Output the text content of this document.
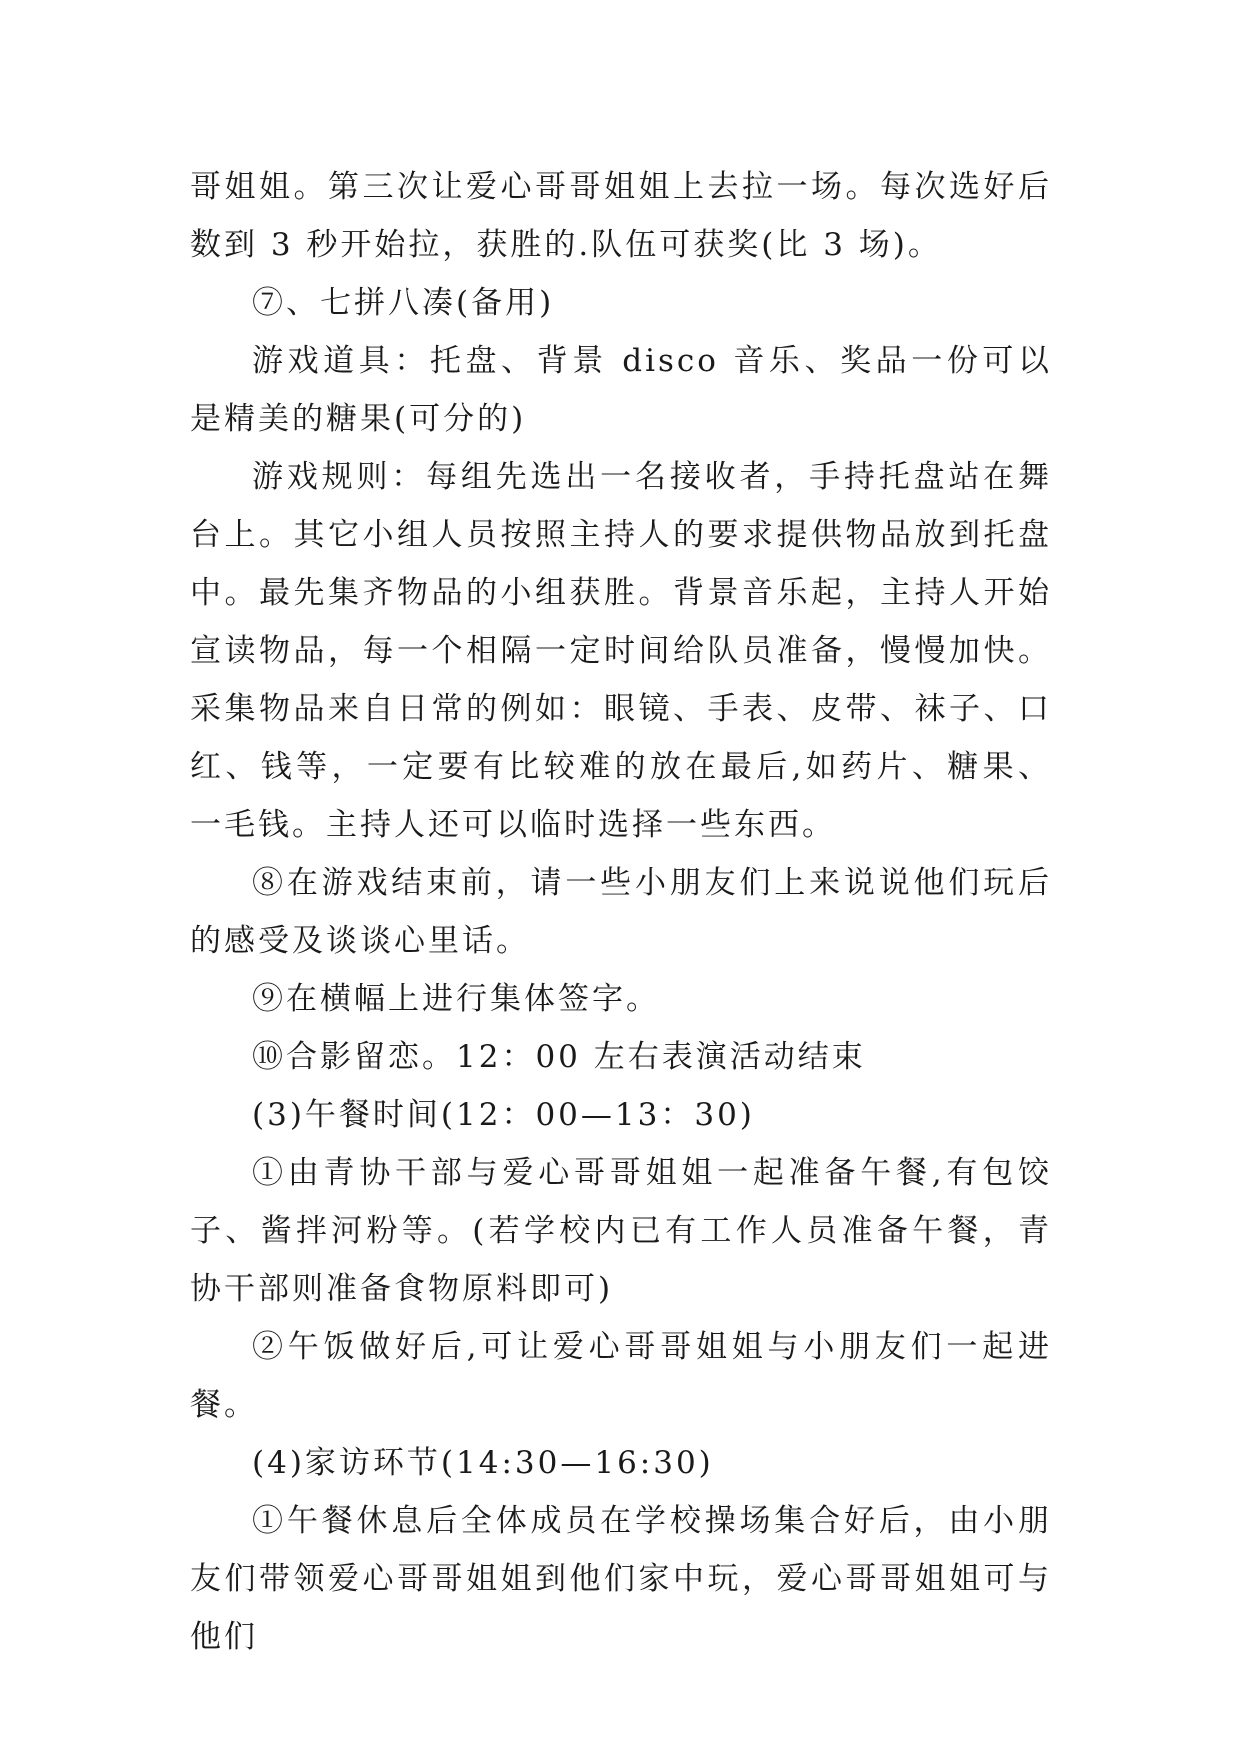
哥姐姐。第三次让爱心哥哥姐姐上去拉一场。每次选好后数到 3 秒开始拉，获胜的.队伍可获奖(比 3 场)。

⑦、七拼八凑(备用)

游戏道具：托盘、背景 disco 音乐、奖品一份可以是精美的糖果(可分的)

游戏规则：每组先选出一名接收者，手持托盘站在舞台上。其它小组人员按照主持人的要求提供物品放到托盘中。最先集齐物品的小组获胜。背景音乐起，主持人开始宣读物品，每一个相隔一定时间给队员准备，慢慢加快。采集物品来自日常的例如：眼镜、手表、皮带、袜子、口红、钱等，一定要有比较难的放在最后,如药片、糖果、一毛钱。主持人还可以临时选择一些东西。

⑧在游戏结束前，请一些小朋友们上来说说他们玩后的感受及谈谈心里话。

⑨在横幅上进行集体签字。

⑩合影留恋。12：00 左右表演活动结束

(3)午餐时间(12：00—13：30)

①由青协干部与爱心哥哥姐姐一起准备午餐,有包饺子、酱拌河粉等。(若学校内已有工作人员准备午餐，青协干部则准备食物原料即可)

②午饭做好后,可让爱心哥哥姐姐与小朋友们一起进餐。

(4)家访环节(14:30—16:30)

①午餐休息后全体成员在学校操场集合好后，由小朋友们带领爱心哥哥姐姐到他们家中玩，爱心哥哥姐姐可与他们
